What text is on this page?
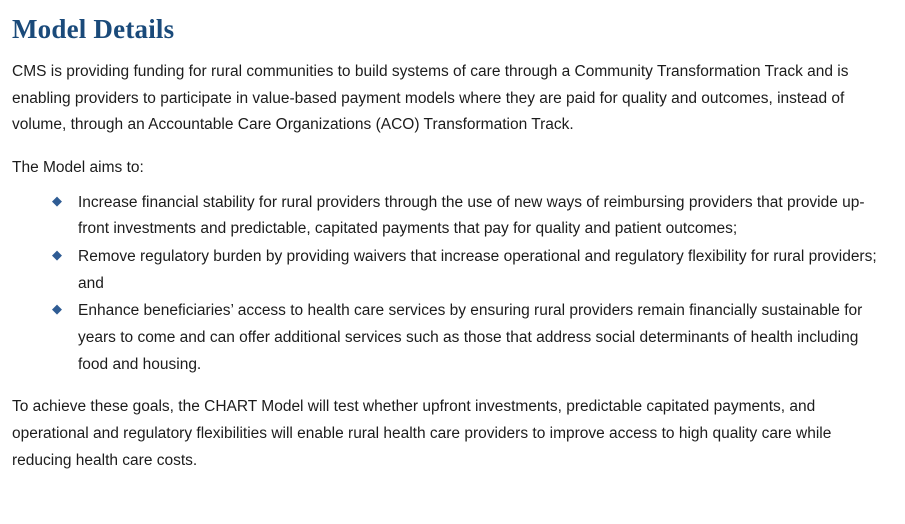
Model Details

CMS is providing funding for rural communities to build systems of care through a Community Transformation Track and is enabling providers to participate in value-based payment models where they are paid for quality and outcomes, instead of volume, through an Accountable Care Organizations (ACO) Transformation Track.

The Model aims to:

◆ Increase financial stability for rural providers through the use of new ways of reimbursing providers that provide up-front investments and predictable, capitated payments that pay for quality and patient outcomes;
◆ Remove regulatory burden by providing waivers that increase operational and regulatory flexibility for rural providers; and
◆ Enhance beneficiaries’ access to health care services by ensuring rural providers remain financially sustainable for years to come and can offer additional services such as those that address social determinants of health including food and housing.

To achieve these goals, the CHART Model will test whether upfront investments, predictable capitated payments, and operational and regulatory flexibilities will enable rural health care providers to improve access to high quality care while reducing health care costs.
